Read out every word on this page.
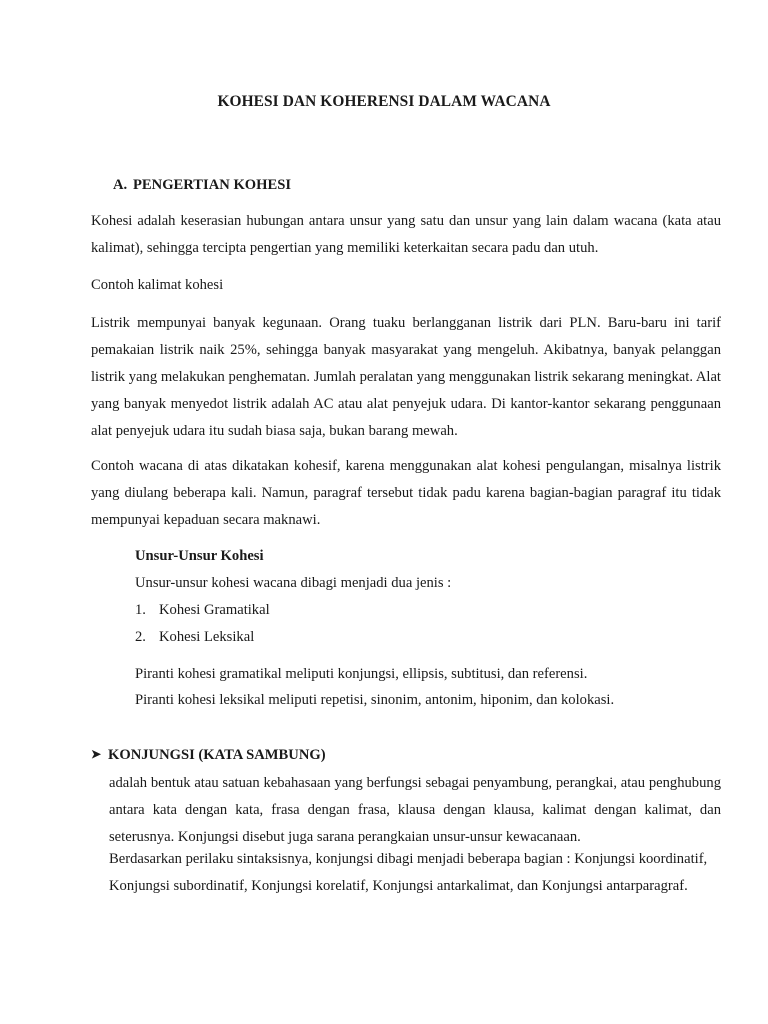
KOHESI DAN KOHERENSI DALAM WACANA
A. PENGERTIAN KOHESI
Kohesi adalah keserasian hubungan antara unsur yang satu dan unsur yang lain dalam wacana (kata atau kalimat), sehingga tercipta pengertian yang memiliki keterkaitan secara padu dan utuh.
Contoh kalimat kohesi
Listrik mempunyai banyak kegunaan. Orang tuaku berlangganan listrik dari PLN. Baru-baru ini tarif pemakaian listrik naik 25%, sehingga banyak masyarakat yang mengeluh. Akibatnya, banyak pelanggan listrik yang melakukan penghematan. Jumlah peralatan yang menggunakan listrik sekarang meningkat. Alat yang banyak menyedot listrik adalah AC atau alat penyejuk udara. Di kantor-kantor sekarang penggunaan alat penyejuk udara itu sudah biasa saja, bukan barang mewah.
Contoh wacana di atas dikatakan kohesif, karena menggunakan alat kohesi pengulangan, misalnya listrik yang diulang beberapa kali. Namun, paragraf tersebut tidak padu karena bagian-bagian paragraf itu tidak mempunyai kepaduan secara maknawi.
Unsur-Unsur Kohesi
Unsur-unsur kohesi wacana dibagi menjadi dua jenis :
1. Kohesi Gramatikal
2. Kohesi Leksikal
Piranti kohesi gramatikal meliputi konjungsi, ellipsis, subtitusi, dan referensi.
Piranti kohesi leksikal meliputi repetisi, sinonim, antonim, hiponim, dan kolokasi.
➤ KONJUNGSI (KATA SAMBUNG)
adalah bentuk atau satuan kebahasaan yang berfungsi sebagai penyambung, perangkai, atau penghubung antara kata dengan kata, frasa dengan frasa, klausa dengan klausa, kalimat dengan kalimat, dan seterusnya. Konjungsi disebut juga sarana perangkaian unsur-unsur kewacanaan.
Berdasarkan perilaku sintaksisnya, konjungsi dibagi menjadi beberapa bagian : Konjungsi koordinatif,
Konjungsi subordinatif, Konjungsi korelatif, Konjungsi antarkalimat, dan Konjungsi antarparagraf.
